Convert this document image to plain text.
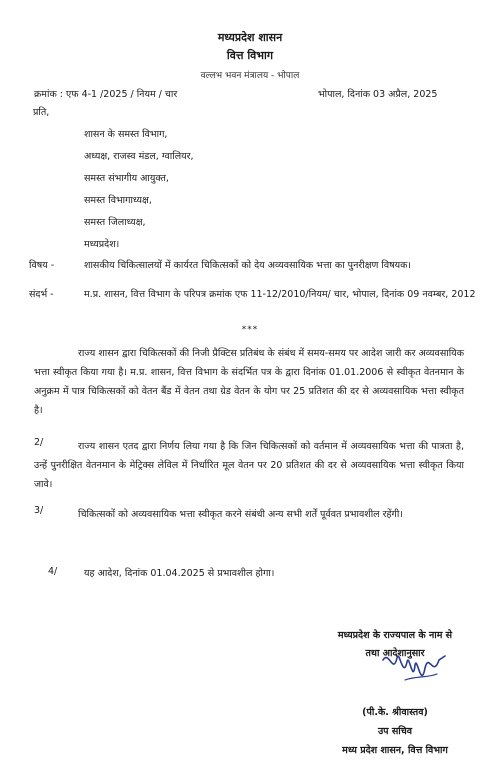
मध्यप्रदेश शासन
वित्त विभाग
वल्लभ भवन मंत्रालय - भोपाल
क्रमांक : एफ 4-1 /2025 / नियम / चार	भोपाल, दिनांक 03 अप्रैल, 2025
प्रति,
शासन के समस्त विभाग,
अध्यक्ष, राजस्व मंडल, ग्वालियर,
समस्त संभागीय आयुक्त,
समस्त विभागाध्यक्ष,
समस्त जिलाध्यक्ष,
मध्यप्रदेश।
विषय -	शासकीय चिकित्सालयों में कार्यरत चिकित्सकों को देय अव्यवसायिक भत्ता का पुनरीक्षण विषयक।
संदर्भ -	म.प्र. शासन, वित्त विभाग के परिपत्र क्रमांक एफ 11-12/2010/नियम/ चार, भोपाल, दिनांक 09 नवम्बर, 2012
***
राज्य शासन द्वारा चिकित्सकों की निजी प्रैक्टिस प्रतिबंध के संबंध में समय-समय पर आदेश जारी कर अव्यवसायिक भत्ता स्वीकृत किया गया है। म.प्र. शासन, वित्त विभाग के संदर्भित पत्र के द्वारा दिनांक 01.01.2006 से स्वीकृत वेतनमान के अनुक्रम में पात्र चिकित्सकों को वेतन बैंड में वेतन तथा ग्रेड वेतन के योग पर 25 प्रतिशत की दर से अव्यवसायिक भत्ता स्वीकृत है।
2/	राज्य शासन एतद द्वारा निर्णय लिया गया है कि जिन चिकित्सकों को वर्तमान में अव्यवसायिक भत्ता की पात्रता है, उन्हें पुनरीक्षित वेतनमान के मेट्रिक्स लेविल में निर्धारित मूल वेतन पर 20 प्रतिशत की दर से अव्यवसायिक भत्ता स्वीकृत किया जावे।
3/	चिकित्सकों को अव्यवसायिक भत्ता स्वीकृत करने संबंधी अन्य सभी शर्तें पूर्ववत प्रभावशील रहेंगी।
4/	यह आदेश, दिनांक 01.04.2025 से प्रभावशील होगा।
मध्यप्रदेश के राज्यपाल के नाम से
तथा आदेशानुसार
(पी.के. श्रीवास्तव)
उप सचिव
मध्य प्रदेश शासन, वित्त विभाग
